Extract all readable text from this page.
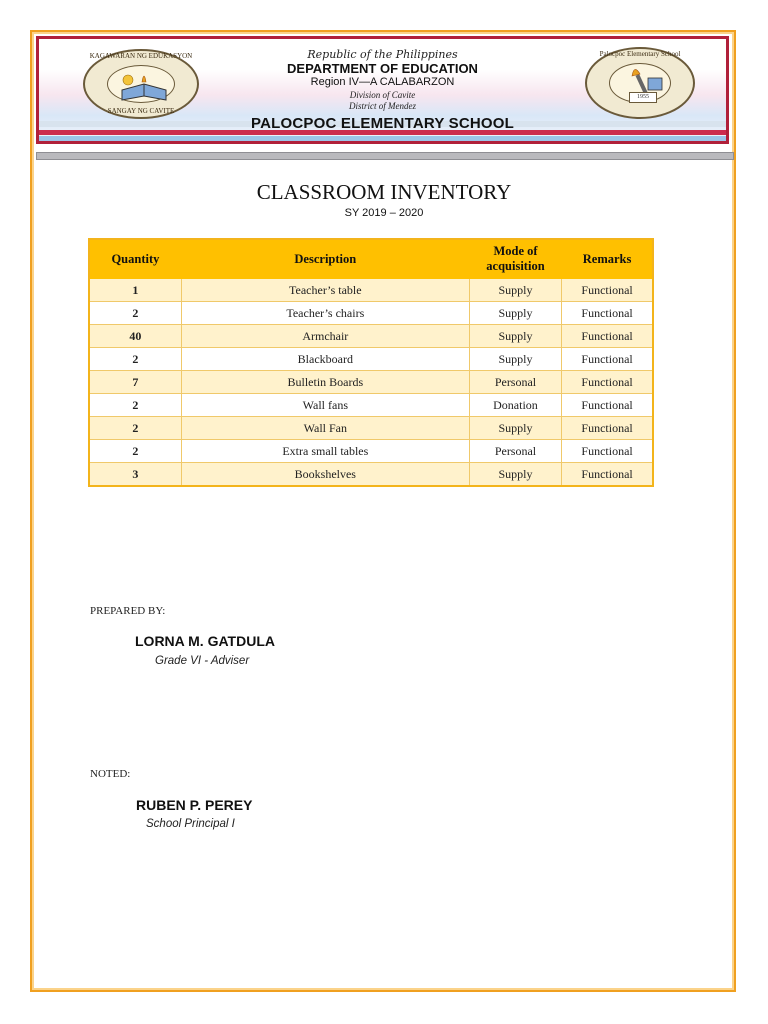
KAGAWARAN NG EDUKASYON
SANGAY NG CAVITE
Republic of the Philippines
DEPARTMENT OF EDUCATION
Region IV—A CALABARZON
Division of Cavite
District of Mendez
PALOCPOC ELEMENTARY SCHOOL
Palocpoc Elementary School
1955
CLASSROOM INVENTORY
SY 2019 – 2020
Quantity	Description	Mode of acquisition	Remarks
1	Teacher’s table	Supply	Functional
2	Teacher’s chairs	Supply	Functional
40	Armchair	Supply	Functional
2	Blackboard	Supply	Functional
7	Bulletin Boards	Personal	Functional
2	Wall fans	Donation	Functional
2	Wall Fan	Supply	Functional
2	Extra small tables	Personal	Functional
3	Bookshelves	Supply	Functional
PREPARED BY:
LORNA M. GATDULA
Grade VI - Adviser
NOTED:
RUBEN P. PEREY
School Principal I
